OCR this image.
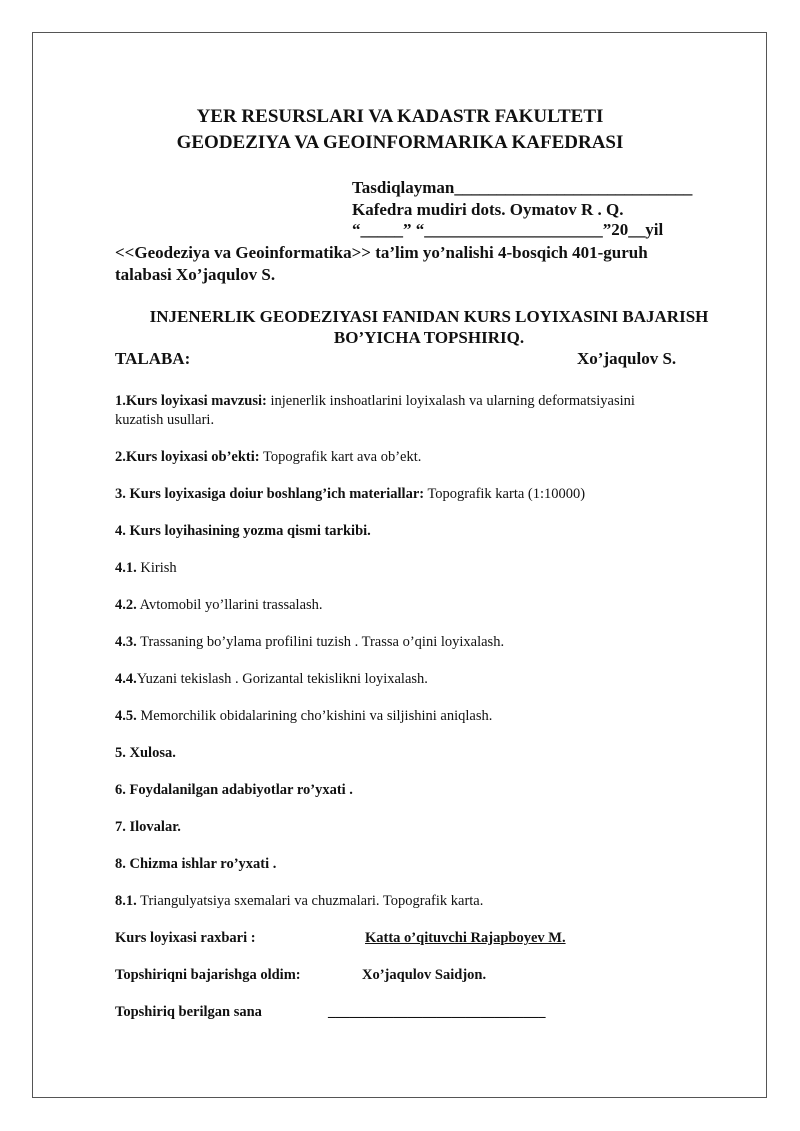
YER RESURSLARI VA KADASTR FAKULTETI
GEODEZIYA VA GEOINFORMARIKA KAFEDRASI
Tasdiqlayman____________________________
Kafedra mudiri dots. Oymatov R . Q.
“_____” “_____________________”20__yil
<<Geodeziya va Geoinformatika>> ta’lim yo’nalishi 4-bosqich 401-guruh
talabasi Xo’jaqulov S.
INJENERLIK GEODEZIYASI FANIDAN KURS LOYIXASINI BAJARISH
BO’YICHA TOPSHIRIQ.
TALABA:	Xo’jaqulov S.
1.Kurs loyixasi mavzusi: injenerlik inshoatlarini loyixalash va ularning deformatsiyasini
kuzatish usullari.
2.Kurs loyixasi ob’ekti: Topografik kart ava ob’ekt.
3. Kurs loyixasiga doiur boshlang’ich materiallar: Topografik karta (1:10000)
4. Kurs loyihasining yozma qismi tarkibi.
4.1. Kirish
4.2. Avtomobil yo’llarini trassalash.
4.3. Trassaning bo’ylama profilini tuzish . Trassa o’qini loyixalash.
4.4.Yuzani tekislash . Gorizantal tekislikni loyixalash.
4.5. Memorchilik obidalarining cho’kishini va siljishini aniqlash.
5. Xulosa.
6. Foydalanilgan adabiyotlar ro’yxati .
7. Ilovalar.
8. Chizma ishlar ro’yxati .
8.1. Triangulyatsiya sxemalari va chuzmalari. Topografik karta.
Kurs loyixasi raxbari :	Katta o’qituvchi Rajapboyev M.
Topshiriqni bajarishga oldim:	Xo’jaqulov Saidjon.
Topshiriq berilgan sana	______________________________
